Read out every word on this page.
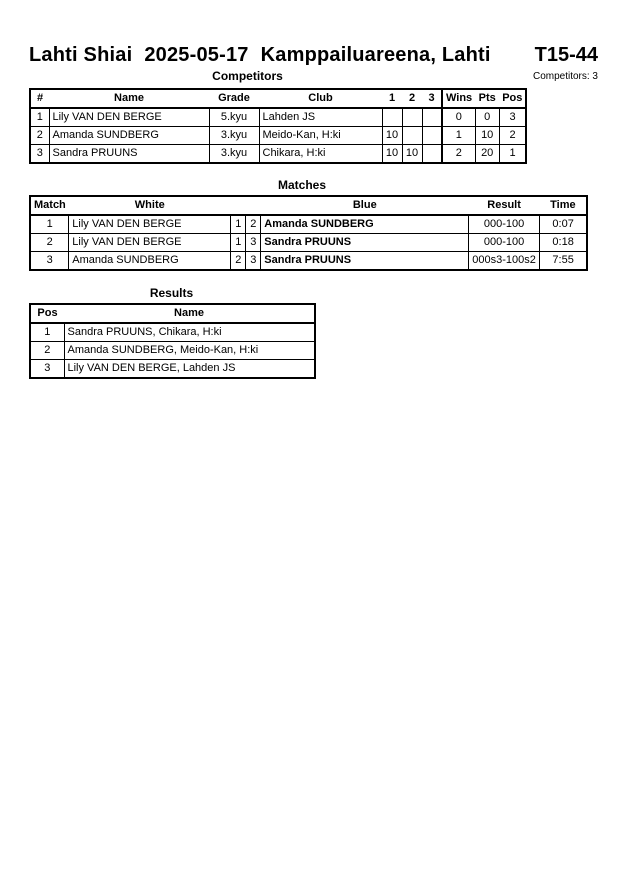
Lahti Shiai 2025-05-17 Kamppailuareena, Lahti T15-44
Competitors: 3
Competitors
#	Name	Grade	Club	1	2	3	Wins	Pts	Pos
1	Lily VAN DEN BERGE	5.kyu	Lahden JS				0	0	3
2	Amanda SUNDBERG	3.kyu	Meido-Kan, H:ki	10			1	10	2
3	Sandra PRUUNS	3.kyu	Chikara, H:ki	10	10		2	20	1
Matches
Match	White			Blue	Result	Time
1	Lily VAN DEN BERGE	1	2	Amanda SUNDBERG	000-100	0:07
2	Lily VAN DEN BERGE	1	3	Sandra PRUUNS	000-100	0:18
3	Amanda SUNDBERG	2	3	Sandra PRUUNS	000s3-100s2	7:55
Results
Pos	Name
1	Sandra PRUUNS, Chikara, H:ki
2	Amanda SUNDBERG, Meido-Kan, H:ki
3	Lily VAN DEN BERGE, Lahden JS
